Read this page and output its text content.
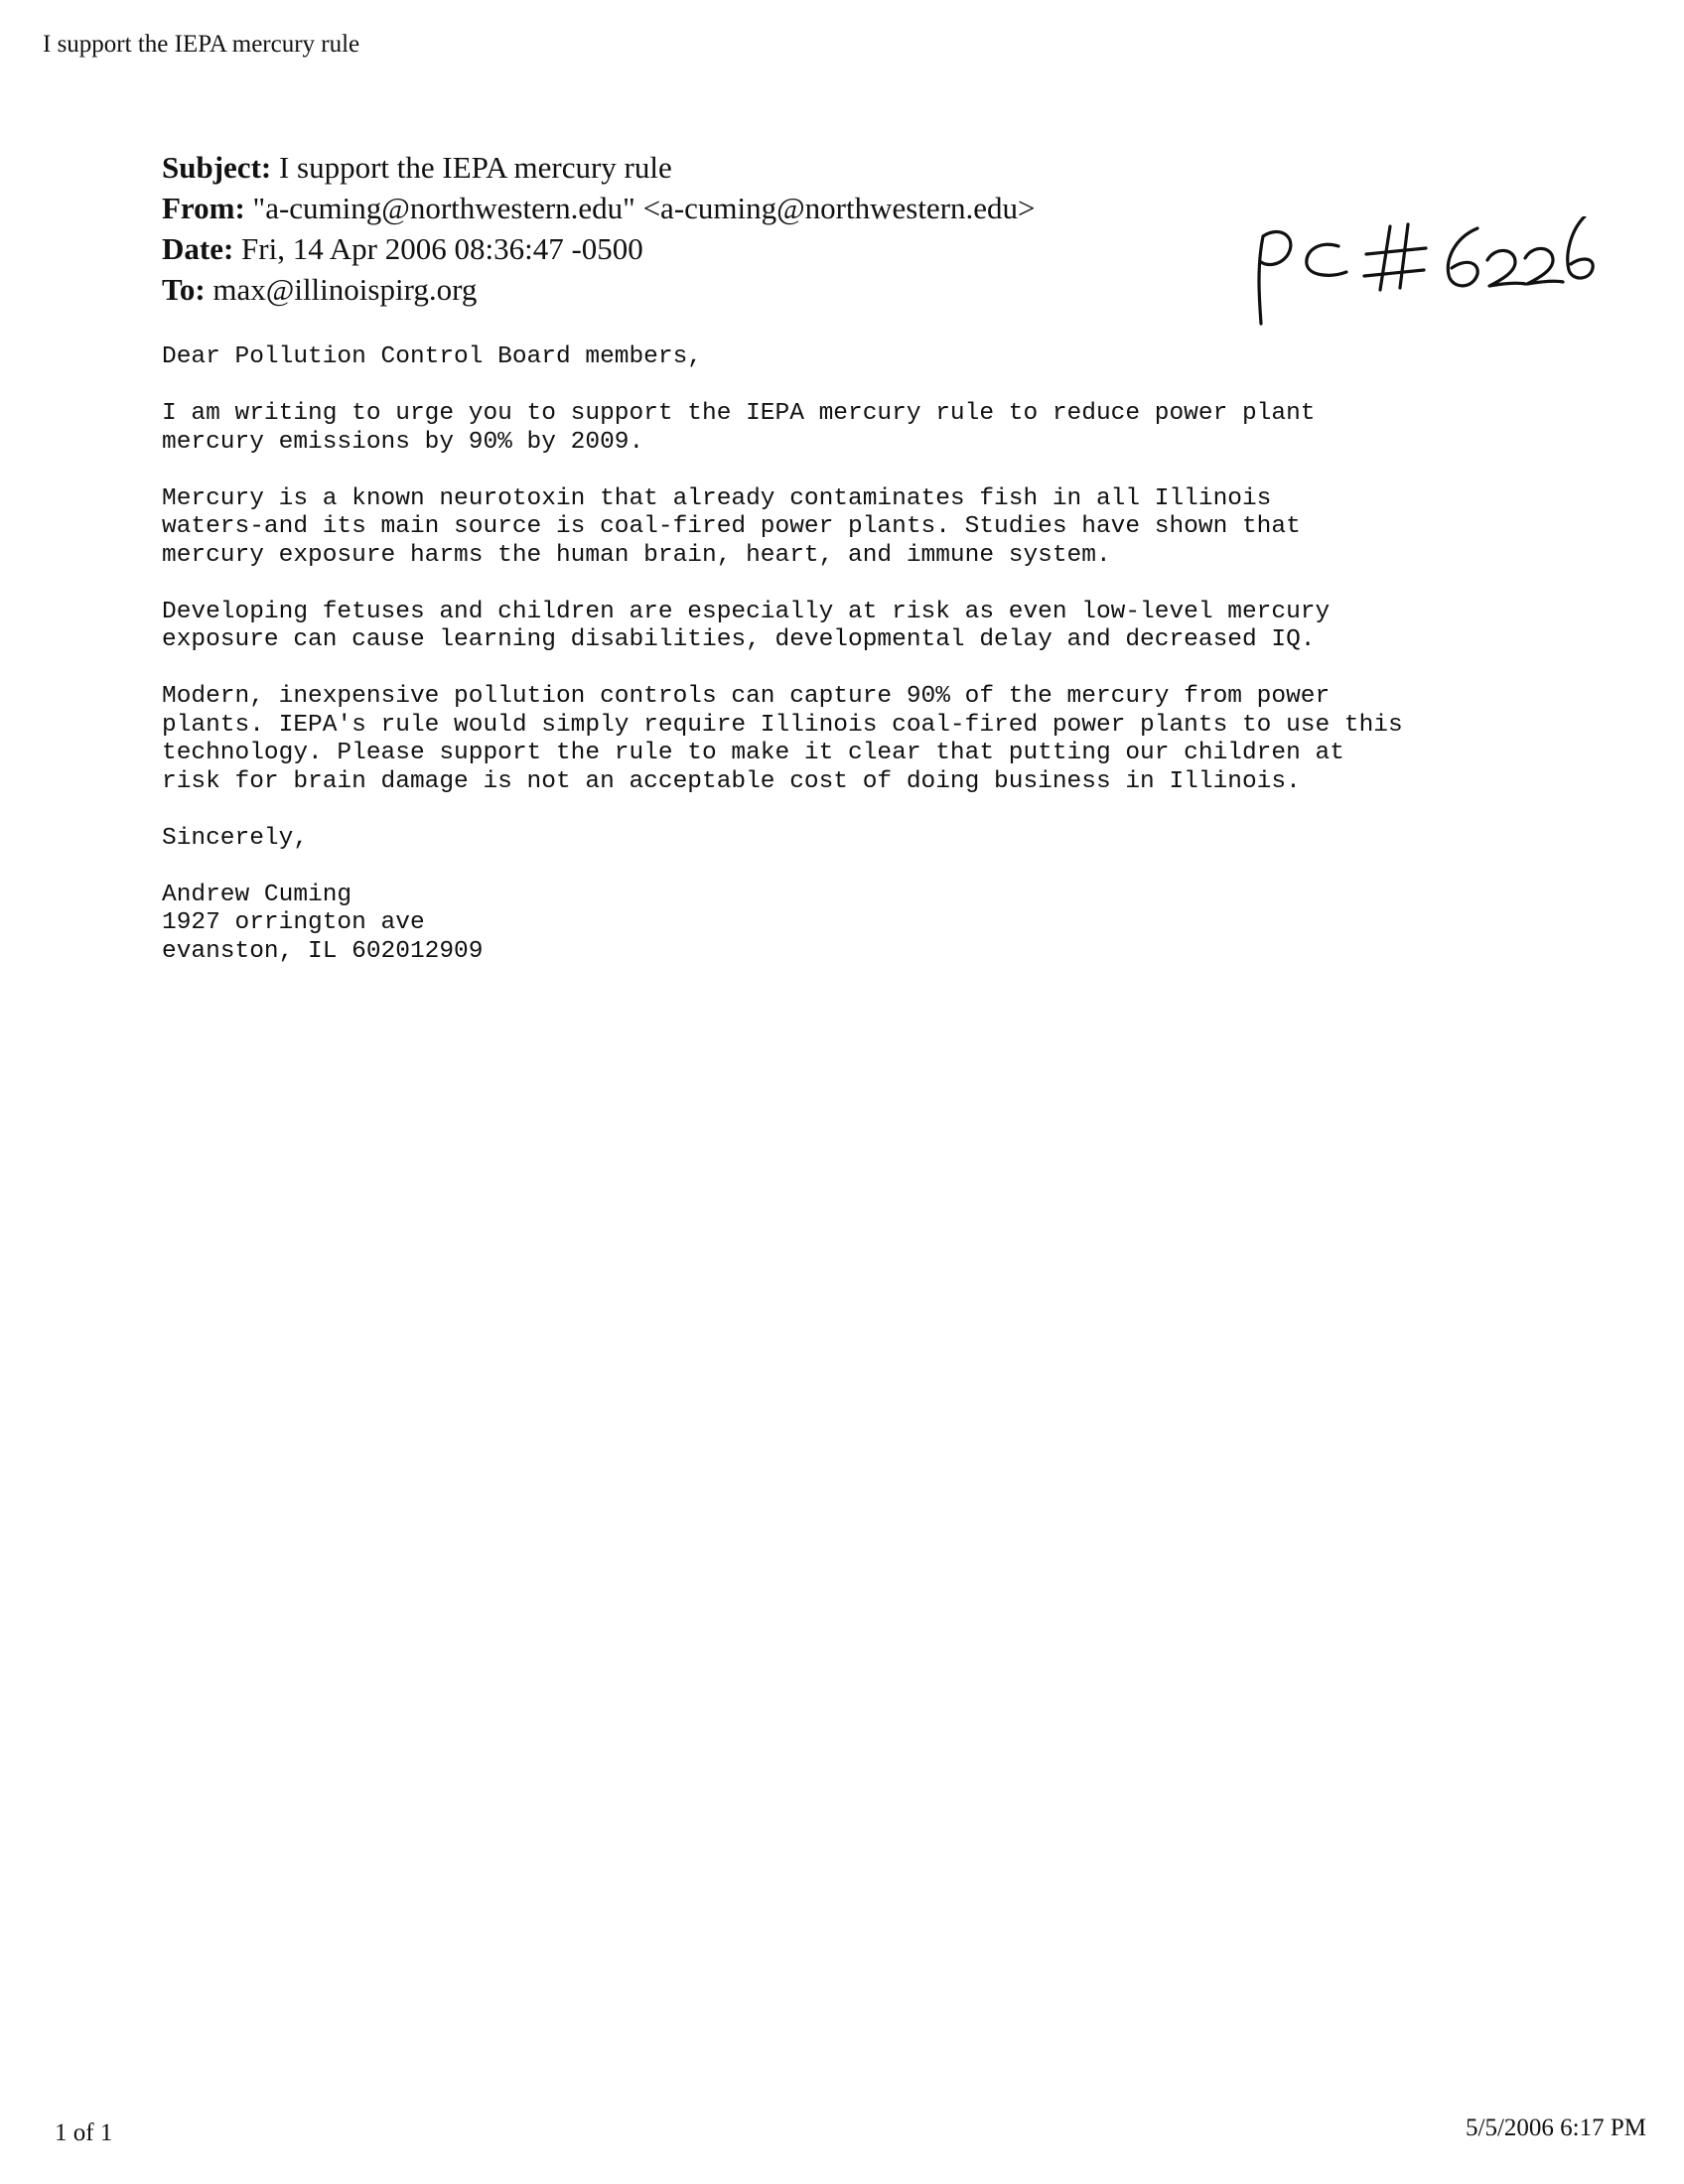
I support the IEPA mercury rule
Subject: I support the IEPA mercury rule
From: "a-cuming@northwestern.edu" <a-cuming@northwestern.edu>
Date: Fri, 14 Apr 2006 08:36:47 -0500
To: max@illinoispirg.org

Dear Pollution Control Board members,

I am writing to urge you to support the IEPA mercury rule to reduce power plant
mercury emissions by 90% by 2009.

Mercury is a known neurotoxin that already contaminates fish in all Illinois
waters-and its main source is coal-fired power plants. Studies have shown that
mercury exposure harms the human brain, heart, and immune system.

Developing fetuses and children are especially at risk as even low-level mercury
exposure can cause learning disabilities, developmental delay and decreased IQ.

Modern, inexpensive pollution controls can capture 90% of the mercury from power
plants. IEPA's rule would simply require Illinois coal-fired power plants to use this
technology. Please support the rule to make it clear that putting our children at
risk for brain damage is not an acceptable cost of doing business in Illinois.

Sincerely,

Andrew Cuming
1927 orrington ave
evanston, IL 602012909
1 of 1	5/5/2006 6:17 PM
